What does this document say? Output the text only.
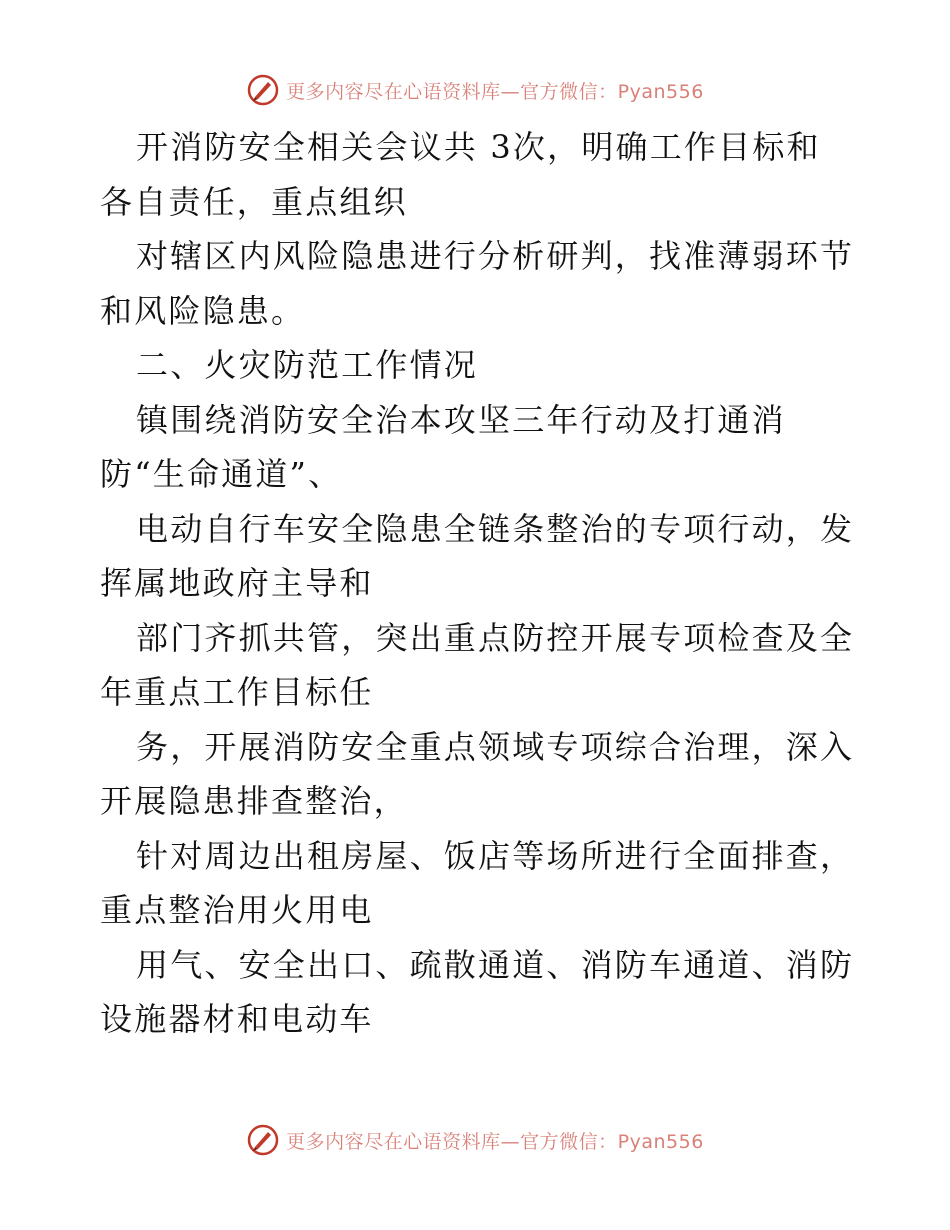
更多内容尽在心语资料库—官方微信：Pyan556
开消防安全相关会议共 3次，明确工作目标和
各自责任，重点组织
对辖区内风险隐患进行分析研判，找准薄弱环节
和风险隐患。
二、火灾防范工作情况
镇围绕消防安全治本攻坚三年行动及打通消
防“生命通道”、
电动自行车安全隐患全链条整治的专项行动，发
挥属地政府主导和
部门齐抓共管，突出重点防控开展专项检查及全
年重点工作目标任
务，开展消防安全重点领域专项综合治理，深入
开展隐患排查整治，
针对周边出租房屋、饭店等场所进行全面排查，
重点整治用火用电
用气、安全出口、疏散通道、消防车通道、消防
设施器材和电动车
更多内容尽在心语资料库—官方微信：Pyan556
